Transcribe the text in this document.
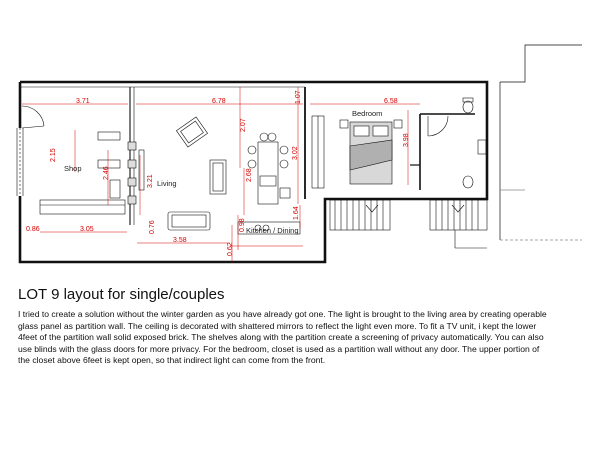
Shop
Living
Bedroom
Kitchen / Dining
3.71	6.78	6.58
1.07
2.15
2.46
3.21
2.07
2.68
3.02
3.98
1.64
0.86	3.05	0.76
3.58
0.62
0.98
LOT 9 layout for single/couples

I tried to create a solution without the winter garden as you have already got one. The light is brought to the living area by creating operable glass panel as partition wall. The ceiling is decorated with shattered mirrors to reflect the light even more. To fit a TV unit, i kept the lower 4feet of the partition wall solid exposed brick. The shelves along with the partition create a screening of privacy automatically. You can also use blinds with the glass doors for more privacy. For the bedroom, closet is used as a partition wall without any door. The upper portion of the closet above 6feet is kept open, so that indirect light can come from the front.
